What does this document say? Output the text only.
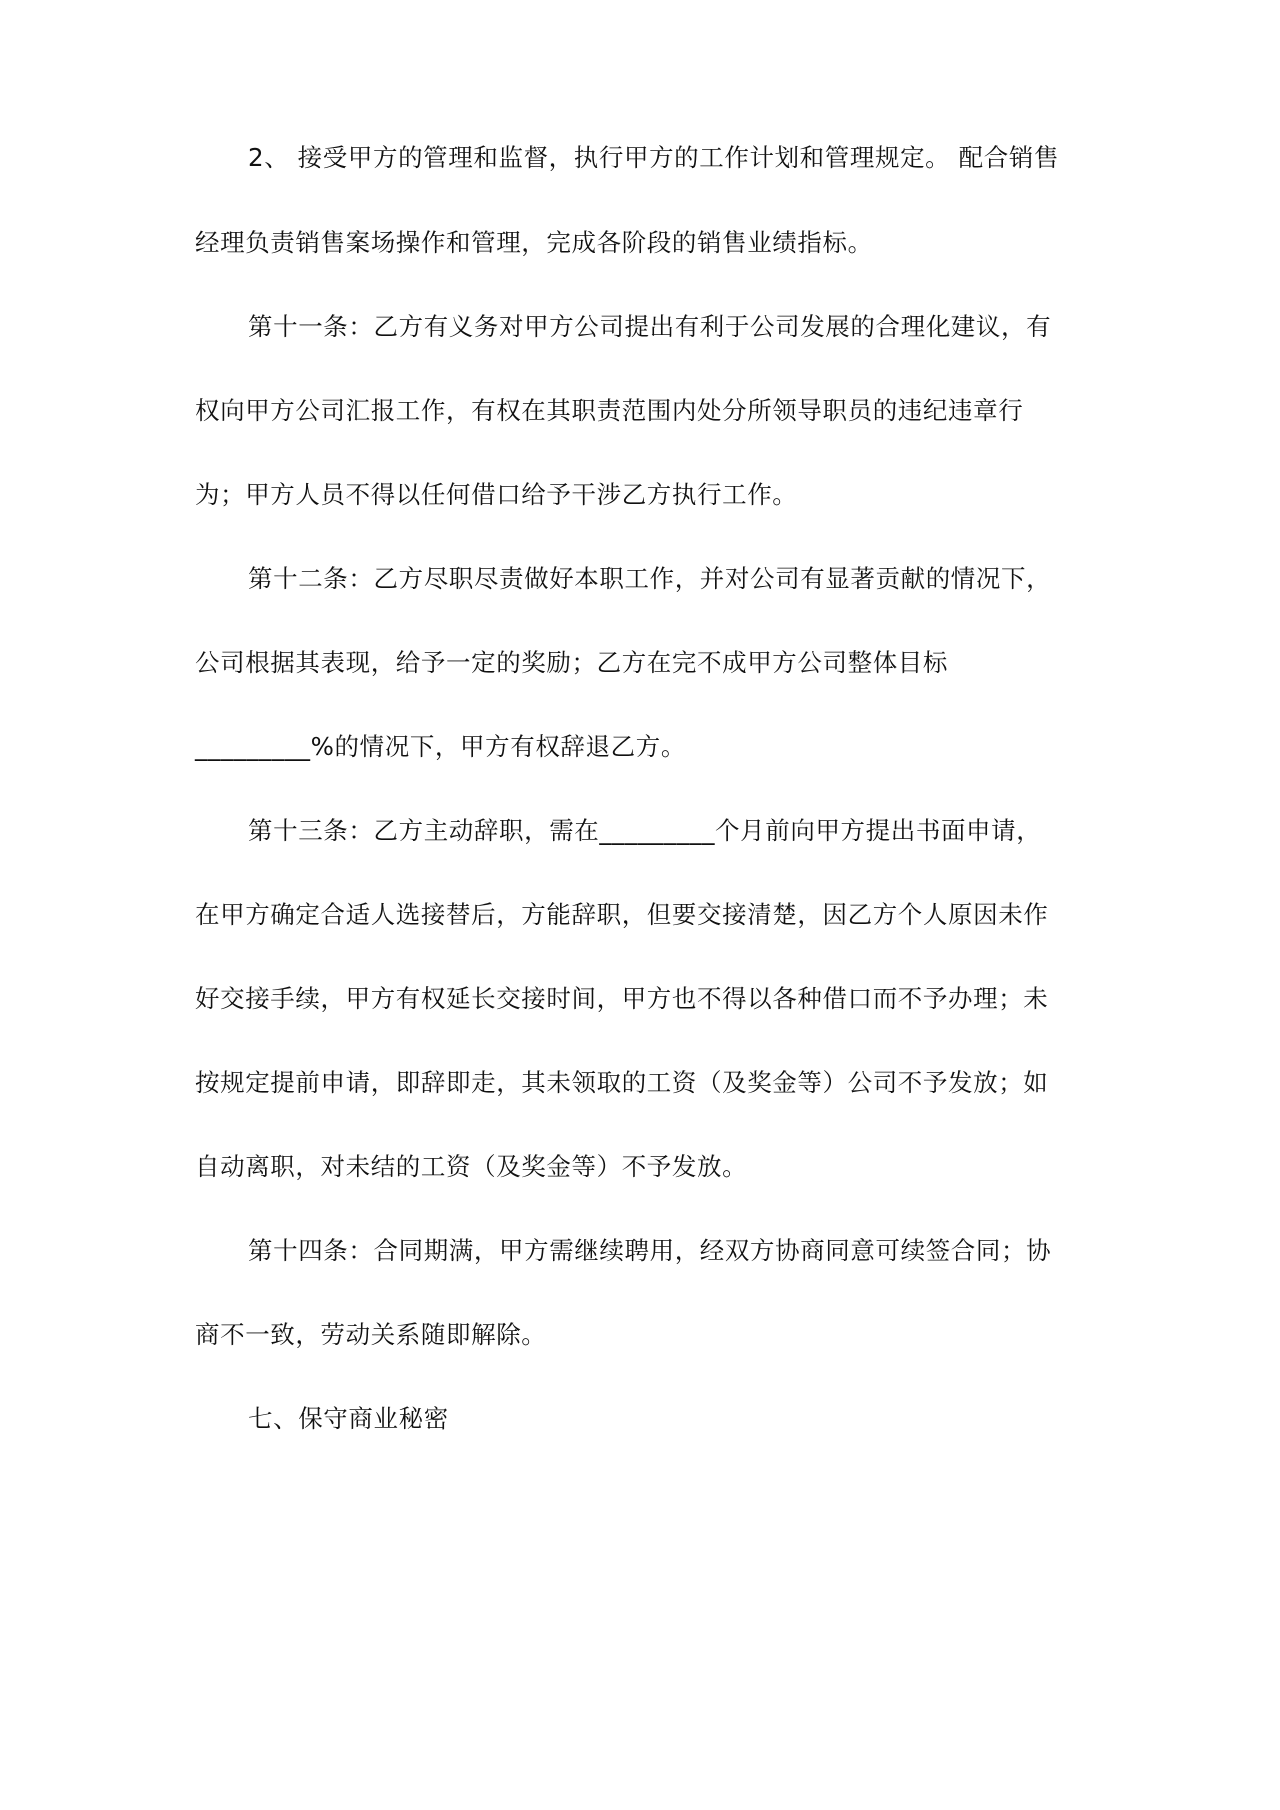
2、 接受甲方的管理和监督，执行甲方的工作计划和管理规定。 配合销售
经理负责销售案场操作和管理，完成各阶段的销售业绩指标。
第十一条：乙方有义务对甲方公司提出有利于公司发展的合理化建议，有
权向甲方公司汇报工作，有权在其职责范围内处分所领导职员的违纪违章行
为；甲方人员不得以任何借口给予干涉乙方执行工作。
第十二条：乙方尽职尽责做好本职工作，并对公司有显著贡献的情况下，
公司根据其表现，给予一定的奖励；乙方在完不成甲方公司整体目标
_________%的情况下，甲方有权辞退乙方。
第十三条：乙方主动辞职，需在_________个月前向甲方提出书面申请，
在甲方确定合适人选接替后，方能辞职，但要交接清楚，因乙方个人原因未作
好交接手续，甲方有权延长交接时间，甲方也不得以各种借口而不予办理；未
按规定提前申请，即辞即走，其未领取的工资（及奖金等）公司不予发放；如
自动离职，对未结的工资（及奖金等）不予发放。
第十四条：合同期满，甲方需继续聘用，经双方协商同意可续签合同；协
商不一致，劳动关系随即解除。
七、保守商业秘密
